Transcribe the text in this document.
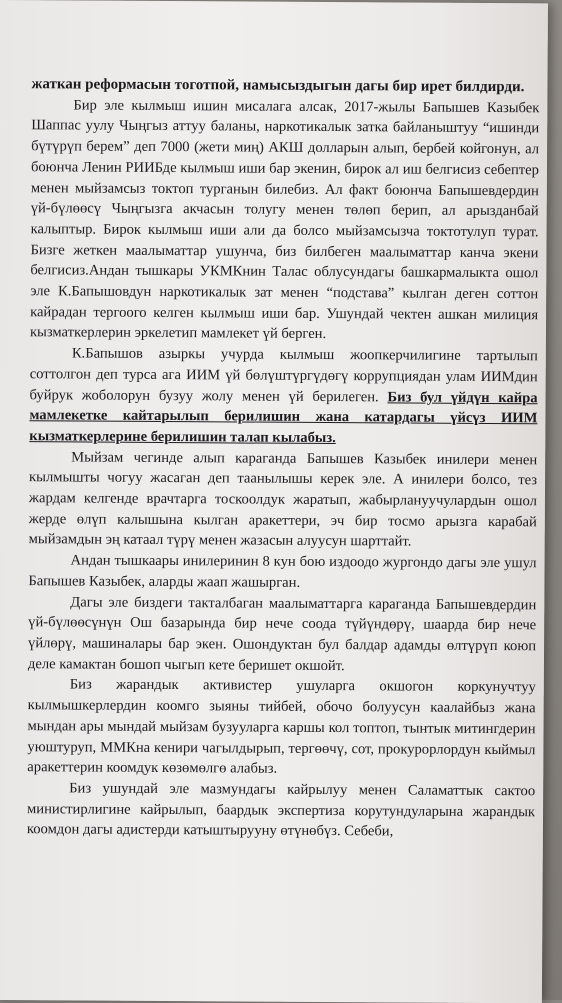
жаткан реформасын тоготпой, намысыздыгын дагы бир ирет билдирди.

Бир эле кылмыш ишин мисалага алсак, 2017-жылы Бапышев Казыбек Шаппас уулу Чыңгыз аттуу баланы, наркотикалык затка байланыштуу “ишинди бүтүрүп берем” деп 7000 (жети миң) АКШ долларын алып, бербей койгонун, ал боюнча Ленин РИИБде кылмыш иши бар экенин, бирок ал иш белгисиз себептер менен мыйзамсыз токтоп турганын билебиз. Ал факт боюнча Бапышевдердин үй-бүлөөсү Чыңгызга акчасын толугу менен төлөп берип, ал арызданбай калыптыр. Бирок кылмыш иши али да болсо мыйзамсызча токтотулуп турат. Бизге жеткен маалыматтар ушунча, биз билбеген маалыматтар канча экени белгисиз.Андан тышкары УКМКнин Талас облусундагы башкармалыкта ошол эле К.Бапышовдун наркотикалык зат менен “подстава” кылган деген соттон кайрадан тергоого келген кылмыш иши бар. Ушундай чектен ашкан милиция кызматкерлерин эркелетип мамлекет үй берген.

К.Бапышов азыркы учурда кылмыш жоопкерчилигине тартылып соттолгон деп турса ага ИИМ үй бөлүштүргүдөгү коррупциядан улам ИИМдин буйрук жоболорун бузуу жолу менен үй берилеген. Биз бул үйдүн кайра мамлекетке кайтарылып берилишин жана катардагы үйсүз ИИМ кызматкерлерине берилишин талап кылабыз.

Мыйзам чегинде алып караганда Бапышев Казыбек инилери менен кылмышты чогуу жасаган деп таанылышы керек эле. А инилери болсо, тез жардам келгенде врачтарга тоскоолдук жаратып, жабырлануучулардын ошол жерде өлүп калышына кылган аракеттери, эч бир тосмо арызга карабай мыйзамдын эң катаал түрү менен жазасын алуусун шарттайт.

Андан тышкаары инилеринин 8 кун бою издоодо жургондо дагы эле ушул Бапышев Казыбек, аларды жаап жашырган.

Дагы эле биздеги такталбаган маалыматтарга караганда Бапышевдердин үй-бүлөөсүнүн Ош базарында бир нече соода түйүндөрү, шаарда бир нече үйлөрү, машиналары бар экен. Ошондуктан бул балдар адамды өлтүрүп коюп деле камактан бошоп чыгып кете беришет окшойт.

Биз жарандык активистер ушуларга окшогон коркунучтуу кылмышкерлердин коомго зыяны тийбей, обочо болуусун каалайбыз жана мындан ары мындай мыйзам бузууларга каршы кол топтоп, тынтык митингдерин уюштуруп, ММКна кенири чагылдырып, тергөөчү, сот, прокурорлордун кыймыл аракеттерин коомдук көзөмөлгө алабыз.

Биз ушундай эле мазмундагы кайрылуу менен Саламаттык сактоо министирлигине кайрылып, баардык экспертиза корутундуларына жарандык коомдон дагы адистерди катыштырууну өтүнөбүз. Себеби,
